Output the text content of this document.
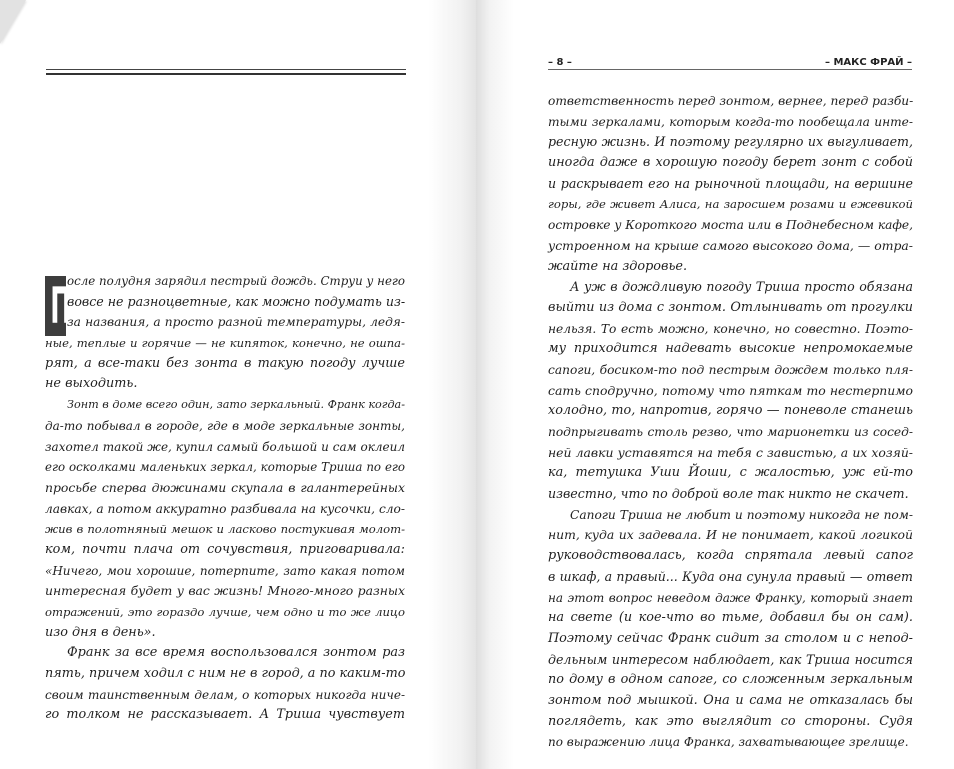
– 8 –	– МАКС ФРАЙ –
П
осле полудня зарядил пестрый дождь. Струи у него
вовсе не разноцветные, как можно подумать из-
за названия, а просто разной температуры, ледя-
ные, теплые и горячие — не кипяток, конечно, не ошпа-
рят, а все-таки без зонта в такую погоду лучше
не выходить.
Зонт в доме всего один, зато зеркальный. Франк когда-
да-то побывал в городе, где в моде зеркальные зонты,
захотел такой же, купил самый большой и сам оклеил
его осколками маленьких зеркал, которые Триша по его
просьбе сперва дюжинами скупала в галантерейных
лавках, а потом аккуратно разбивала на кусочки, сло-
жив в полотняный мешок и ласково постукивая молот-
ком, почти плача от сочувствия, приговаривала:
«Ничего, мои хорошие, потерпите, зато какая потом
интересная будет у вас жизнь! Много-много разных
отражений, это гораздо лучше, чем одно и то же лицо
изо дня в день».
Франк за все время воспользовался зонтом раз
пять, причем ходил с ним не в город, а по каким-то
своим таинственным делам, о которых никогда ниче-
го толком не рассказывает. А Триша чувствует
ответственность перед зонтом, вернее, перед разби-
тыми зеркалами, которым когда-то пообещала инте-
ресную жизнь. И поэтому регулярно их выгуливает,
иногда даже в хорошую погоду берет зонт с собой
и раскрывает его на рыночной площади, на вершине
горы, где живет Алиса, на заросшем розами и ежевикой
островке у Короткого моста или в Поднебесном кафе,
устроенном на крыше самого высокого дома, — отра-
жайте на здоровье.
А уж в дождливую погоду Триша просто обязана
выйти из дома с зонтом. Отлынивать от прогулки
нельзя. То есть можно, конечно, но совестно. Поэто-
му приходится надевать высокие непромокаемые
сапоги, босиком-то под пестрым дождем только пля-
сать сподручно, потому что пяткам то нестерпимо
холодно, то, напротив, горячо — поневоле станешь
подпрыгивать столь резво, что марионетки из сосед-
ней лавки уставятся на тебя с завистью, а их хозяй-
ка, тетушка Уши Йоши, с жалостью, уж ей-то
известно, что по доброй воле так никто не скачет.
Сапоги Триша не любит и поэтому никогда не пом-
нит, куда их задевала. И не понимает, какой логикой
руководствовалась, когда спрятала левый сапог
в шкаф, а правый... Куда она сунула правый — ответ
на этот вопрос неведом даже Франку, который знает
на свете (и кое-что во тьме, добавил бы он сам).
Поэтому сейчас Франк сидит за столом и с непод-
дельным интересом наблюдает, как Триша носится
по дому в одном сапоге, со сложенным зеркальным
зонтом под мышкой. Она и сама не отказалась бы
поглядеть, как это выглядит со стороны. Судя
по выражению лица Франка, захватывающее зрелище.
